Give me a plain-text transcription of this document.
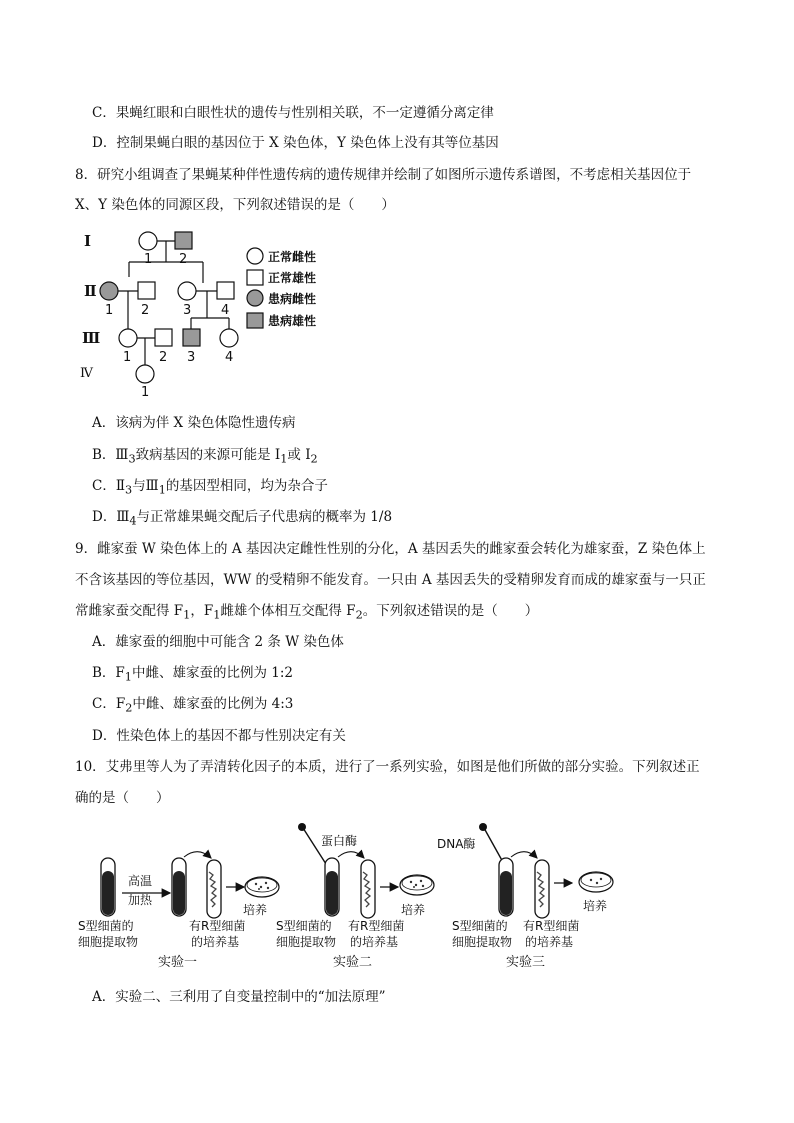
C．果蝇红眼和白眼性状的遗传与性别相关联，不一定遵循分离定律
D．控制果蝇白眼的基因位于 X 染色体，Y 染色体上没有其等位基因
8．研究小组调查了果蝇某种伴性遗传病的遗传规律并绘制了如图所示遗传系谱图，不考虑相关基因位于
X、Y 染色体的同源区段，下列叙述错误的是（　　）
Ⅰ
Ⅱ
Ⅲ
Ⅳ
1 2
1 2	3 4
1 2 3 4
1
正常雌性
正常雄性
患病雌性
患病雄性
A．该病为伴 X 染色体隐性遗传病
B．$Ⅲ_3$致病基因的来源可能是 $I_1$或 $I_2$
C．$Ⅱ_3$与$Ⅲ_1$的基因型相同，均为杂合子
D．$Ⅲ_4$与正常雄果蝇交配后子代患病的概率为 1/8
9．雌家蚕 W 染色体上的 A 基因决定雌性性别的分化，A 基因丢失的雌家蚕会转化为雄家蚕，Z 染色体上
不含该基因的等位基因，WW 的受精卵不能发育。一只由 A 基因丢失的受精卵发育而成的雄家蚕与一只正
常雌家蚕交配得 $F_1$，$F_1$雌雄个体相互交配得 $F_2$。下列叙述错误的是（　　）
A．雄家蚕的细胞中可能含 2 条 W 染色体
B．$F_1$中雌、雄家蚕的比例为 1:2
C．$F_2$中雌、雄家蚕的比例为 4:3
D．性染色体上的基因不都与性别决定有关
10．艾弗里等人为了弄清转化因子的本质，进行了一系列实验，如图是他们所做的部分实验。下列叙述正
确的是（　　）
高温
加热
培养
S型细菌的
细胞提取物
有R型细菌
的培养基
实验一
蛋白酶
培养
S型细菌的
细胞提取物
有R型细菌
的培养基
实验二
DNA酶
培养
S型细菌的
细胞提取物
有R型细菌
的培养基
实验三
A．实验二、三利用了自变量控制中的“加法原理”
